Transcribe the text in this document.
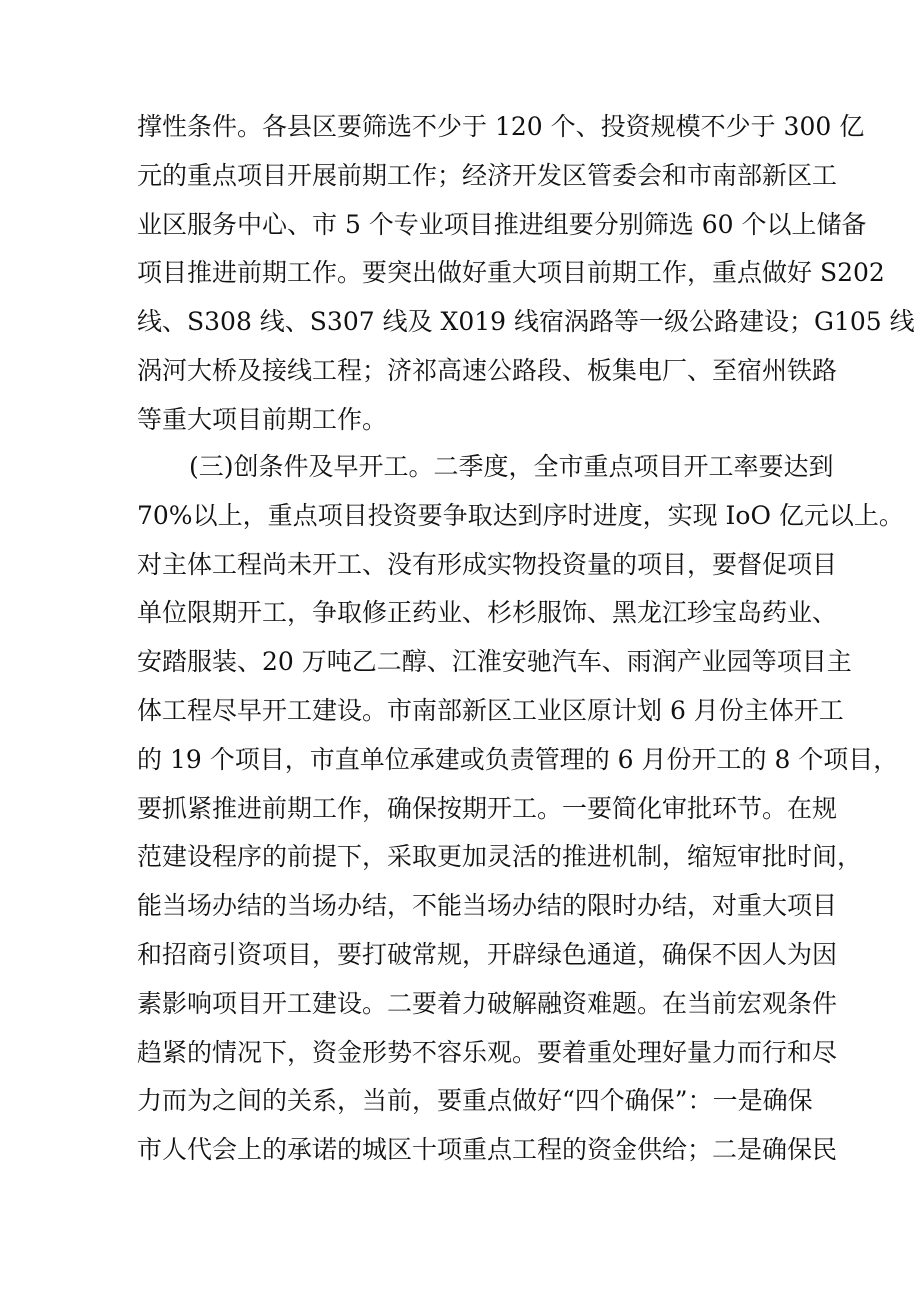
撑性条件。各县区要筛选不少于 120 个、投资规模不少于 300 亿
元的重点项目开展前期工作；经济开发区管委会和市南部新区工
业区服务中心、市 5 个专业项目推进组要分别筛选 60 个以上储备
项目推进前期工作。要突出做好重大项目前期工作，重点做好 S202
线、S308 线、S307 线及 X019 线宿涡路等一级公路建设；G105 线
涡河大桥及接线工程；济祁高速公路段、板集电厂、至宿州铁路
等重大项目前期工作。
(三)创条件及早开工。二季度，全市重点项目开工率要达到
70%以上，重点项目投资要争取达到序时进度，实现 IoO 亿元以上。
对主体工程尚未开工、没有形成实物投资量的项目，要督促项目
单位限期开工，争取修正药业、杉杉服饰、黑龙江珍宝岛药业、
安踏服装、20 万吨乙二醇、江淮安驰汽车、雨润产业园等项目主
体工程尽早开工建设。市南部新区工业区原计划 6 月份主体开工
的 19 个项目，市直单位承建或负责管理的 6 月份开工的 8 个项目，
要抓紧推进前期工作，确保按期开工。一要简化审批环节。在规
范建设程序的前提下，采取更加灵活的推进机制，缩短审批时间，
能当场办结的当场办结，不能当场办结的限时办结，对重大项目
和招商引资项目，要打破常规，开辟绿色通道，确保不因人为因
素影响项目开工建设。二要着力破解融资难题。在当前宏观条件
趋紧的情况下，资金形势不容乐观。要着重处理好量力而行和尽
力而为之间的关系，当前，要重点做好“四个确保”：一是确保
市人代会上的承诺的城区十项重点工程的资金供给；二是确保民
